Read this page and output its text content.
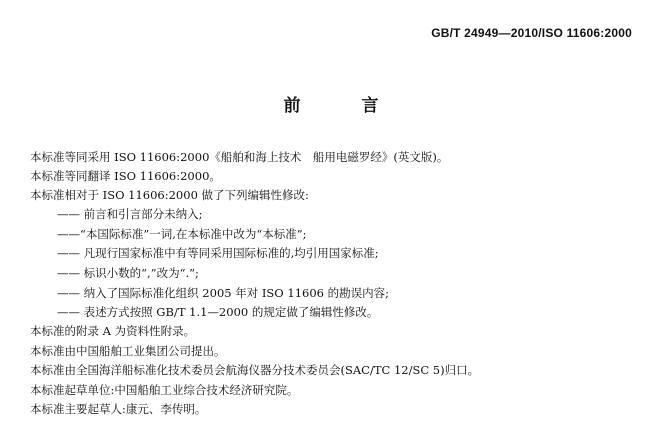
GB/T 24949—2010/ISO 11606:2000
前　言
本标准等同采用 ISO 11606:2000《船舶和海上技术　船用电磁罗经》(英文版)。
本标准等同翻译 ISO 11606:2000。
本标准相对于 ISO 11606:2000 做了下列编辑性修改:
—— 前言和引言部分未纳入;
——“本国际标准”一词,在本标准中改为“本标准”;
—— 凡现行国家标准中有等同采用国际标准的,均引用国家标准;
—— 标识小数的“,”改为“.”;
—— 纳入了国际标准化组织 2005 年对 ISO 11606 的勘误内容;
—— 表述方式按照 GB/T 1.1—2000 的规定做了编辑性修改。
本标准的附录 A 为资料性附录。
本标准由中国船舶工业集团公司提出。
本标准由全国海洋船标准化技术委员会航海仪器分技术委员会(SAC/TC 12/SC 5)归口。
本标准起草单位:中国船舶工业综合技术经济研究院。
本标准主要起草人:康元、李传明。
